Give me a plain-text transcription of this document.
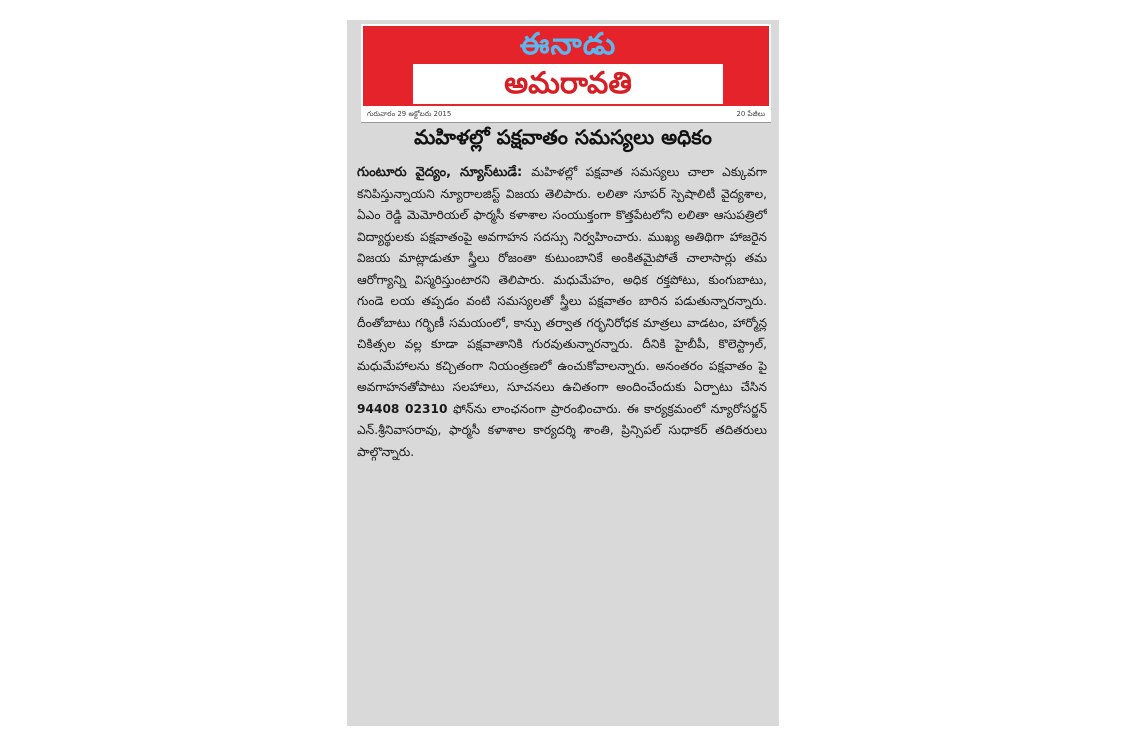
ఈనాడు
అమరావతి
గురువారం 29 అక్టోబరు 2015	20 పేజీలు
మహిళల్లో పక్షవాతం సమస్యలు అధికం
గుంటూరు వైద్యం, న్యూస్‌టుడే: మహిళల్లో పక్షవాత సమస్యలు చాలా ఎక్కువగా కనిపిస్తున్నాయని న్యూరాలజిస్ట్ విజయ తెలిపారు. లలితా సూపర్ స్పెషాలిటీ వైద్యశాల, ఏఎం రెడ్డి మెమోరియల్ ఫార్మసీ కళాశాల సంయుక్తంగా కొత్తపేటలోని లలితా ఆసుపత్రిలో విద్యార్థులకు పక్షవాతంపై అవగాహన సదస్సు నిర్వహించారు. ముఖ్య అతిథిగా హాజరైన విజయ మాట్లాడుతూ స్త్రీలు రోజంతా కుటుంబానికే అంకితమైపోతే చాలాసార్లు తమ ఆరోగ్యాన్ని విస్మరిస్తుంటారని తెలిపారు. మధుమేహం, అధిక రక్తపోటు, కుంగుబాటు, గుండె లయ తప్పడం వంటి సమస్యలతో స్త్రీలు పక్షవాతం బారిన పడుతున్నారన్నారు. దీంతోబాటు గర్భిణీ సమయంలో, కాన్పు తర్వాత గర్భనిరోధక మాత్రలు వాడటం, హార్మోన్ల చికిత్సల వల్ల కూడా పక్షవాతానికి గురవుతున్నారన్నారు. దీనికి హైబీపీ, కొలెస్ట్రాల్, మధుమేహాలను కచ్చితంగా నియంత్రణలో ఉంచుకోవాలన్నారు. అనంతరం పక్షవాతం పై అవగాహనతోపాటు సలహాలు, సూచనలు ఉచితంగా అందించేందుకు ఏర్పాటు చేసిన 94408 02310 ఫోన్‌ను లాంఛనంగా ప్రారంభించారు. ఈ కార్యక్రమంలో న్యూరోసర్జన్ ఎన్.శ్రీనివాసరావు, ఫార్మసీ కళాశాల కార్యదర్శి శాంతి, ప్రిన్సిపల్ సుధాకర్ తదితరులు పాల్గొన్నారు.
